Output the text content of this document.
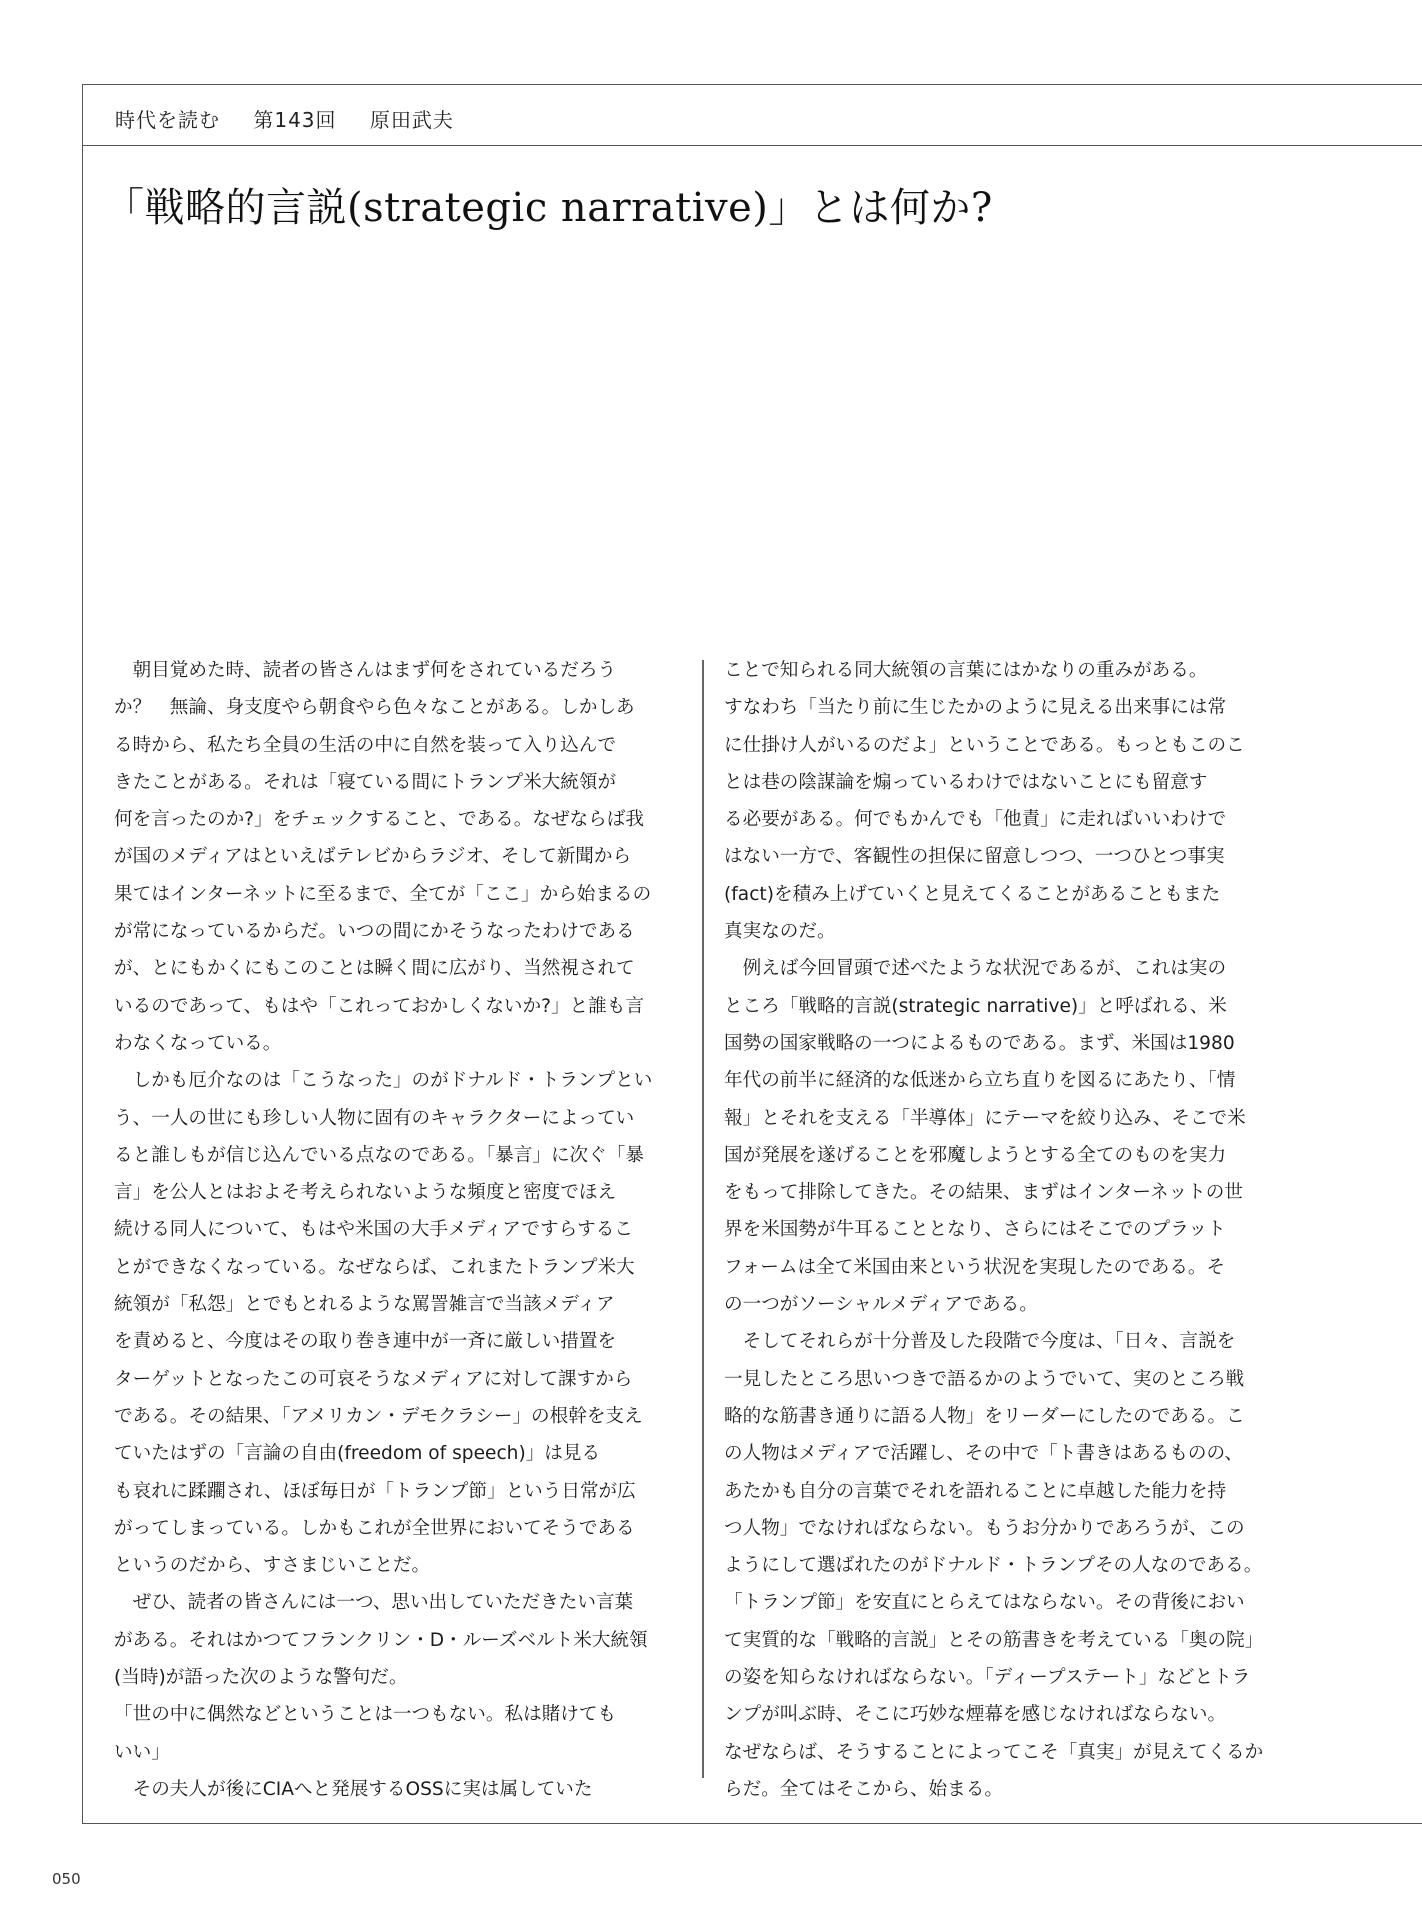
時代を読む 第143回 原田武夫
「戦略的言説(strategic narrative)」とは何か?

朝目覚めた時、読者の皆さんはまず何をされているだろう
か？　無論、身支度やら朝食やら色々なことがある。しかしあ
る時から、私たち全員の生活の中に自然を装って入り込んで
きたことがある。それは「寝ている間にトランプ米大統領が
何を言ったのか?」をチェックすること、である。なぜならば我
が国のメディアはといえばテレビからラジオ、そして新聞から
果てはインターネットに至るまで、全てが「ここ」から始まるの
が常になっているからだ。いつの間にかそうなったわけである
が、とにもかくにもこのことは瞬く間に広がり、当然視されて
いるのであって、もはや「これっておかしくないか?」と誰も言
わなくなっている。

しかも厄介なのは「こうなった」のがドナルド・トランプとい
う、一人の世にも珍しい人物に固有のキャラクターによってい
ると誰しもが信じ込んでいる点なのである。「暴言」に次ぐ「暴
言」を公人とはおよそ考えられないような頻度と密度でほえ
続ける同人について、もはや米国の大手メディアですらするこ
とができなくなっている。なぜならば、これまたトランプ米大
統領が「私怨」とでもとれるような罵詈雑言で当該メディア
を責めると、今度はその取り巻き連中が一斉に厳しい措置を
ターゲットとなったこの可哀そうなメディアに対して課すから
である。その結果、「アメリカン・デモクラシー」の根幹を支え
ていたはずの「言論の自由(freedom of speech)」は見る
も哀れに蹂躙され、ほぼ毎日が「トランプ節」という日常が広
がってしまっている。しかもこれが全世界においてそうである
というのだから、すさまじいことだ。

ぜひ、読者の皆さんには一つ、思い出していただきたい言葉
がある。それはかつてフランクリン・D・ルーズベルト米大統領
(当時)が語った次のような警句だ。

「世の中に偶然などということは一つもない。私は賭けても
いい」

その夫人が後にCIAへと発展するOSSに実は属していた

ことで知られる同大統領の言葉にはかなりの重みがある。
すなわち「当たり前に生じたかのように見える出来事には常
に仕掛け人がいるのだよ」ということである。もっともこのこ
とは巷の陰謀論を煽っているわけではないことにも留意す
る必要がある。何でもかんでも「他責」に走ればいいわけで
はない一方で、客観性の担保に留意しつつ、一つひとつ事実
(fact)を積み上げていくと見えてくることがあることもまた
真実なのだ。

例えば今回冒頭で述べたような状況であるが、これは実の
ところ「戦略的言説(strategic narrative)」と呼ばれる、米
国勢の国家戦略の一つによるものである。まず、米国は1980
年代の前半に経済的な低迷から立ち直りを図るにあたり、「情
報」とそれを支える「半導体」にテーマを絞り込み、そこで米
国が発展を遂げることを邪魔しようとする全てのものを実力
をもって排除してきた。その結果、まずはインターネットの世
界を米国勢が牛耳ることとなり、さらにはそこでのプラット
フォームは全て米国由来という状況を実現したのである。そ
の一つがソーシャルメディアである。

そしてそれらが十分普及した段階で今度は、「日々、言説を
一見したところ思いつきで語るかのようでいて、実のところ戦
略的な筋書き通りに語る人物」をリーダーにしたのである。こ
の人物はメディアで活躍し、その中で「ト書きはあるものの、
あたかも自分の言葉でそれを語れることに卓越した能力を持
つ人物」でなければならない。もうお分かりであろうが、この
ようにして選ばれたのがドナルド・トランプその人なのである。
「トランプ節」を安直にとらえてはならない。その背後におい
て実質的な「戦略的言説」とその筋書きを考えている「奥の院」
の姿を知らなければならない。「ディープステート」などとトラ
ンプが叫ぶ時、そこに巧妙な煙幕を感じなければならない。
なぜならば、そうすることによってこそ「真実」が見えてくるか
らだ。全てはそこから、始まる。

050
